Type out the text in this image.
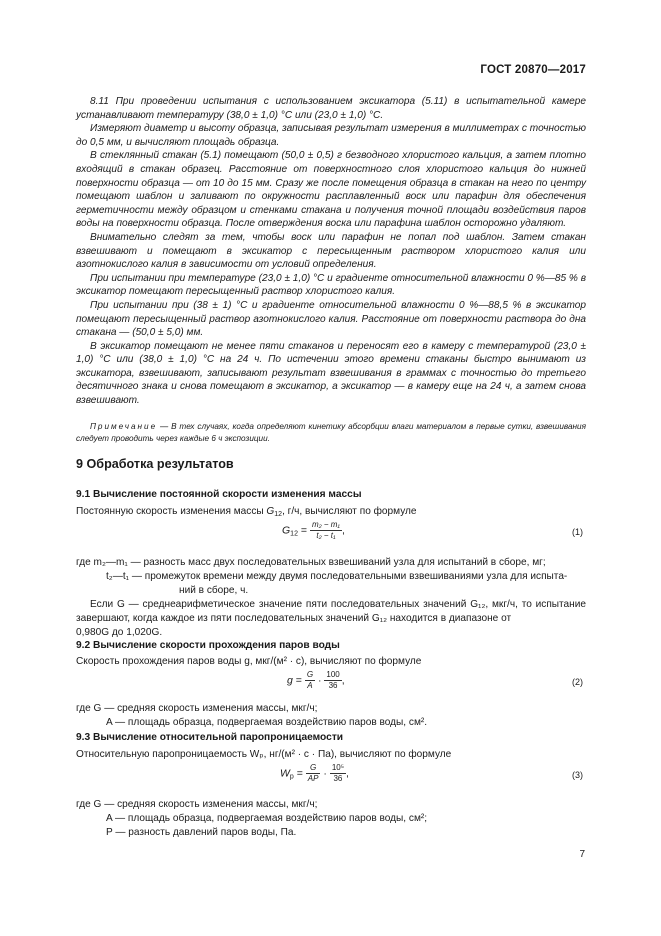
ГОСТ 20870—2017

8.11 При проведении испытания с использованием эксикатора (5.11) в испытательной камере устанавливают температуру (38,0 ± 1,0) °С или (23,0 ± 1,0) °С.

Измеряют диаметр и высоту образца, записывая результат измерения в миллиметрах с точностью до 0,5 мм, и вычисляют площадь образца.

В стеклянный стакан (5.1) помещают (50,0 ± 0,5) г безводного хлористого кальция, а затем плотно входящий в стакан образец. Расстояние от поверхностного слоя хлористого кальция до нижней поверхности образца — от 10 до 15 мм. Сразу же после помещения образца в стакан на него по центру помещают шаблон и заливают по окружности расплавленный воск или парафин для обеспечения герметичности между образцом и стенками стакана и получения точной площади воздействия паров воды на поверхности образца. После отверждения воска или парафина шаблон осторожно удаляют.

Внимательно следят за тем, чтобы воск или парафин не попал под шаблон. Затем стакан взвешивают и помещают в эксикатор с пересыщенным раствором хлористого калия или азотнокислого калия в зависимости от условий определения.

При испытании при температуре (23,0 ± 1,0) °С и градиенте относительной влажности 0 %—85 % в эксикатор помещают пересыщенный раствор хлористого калия.

При испытании при (38 ± 1) °С и градиенте относительной влажности 0 %—88,5 % в эксикатор помещают пересыщенный раствор азотнокислого калия. Расстояние от поверхности раствора до дна стакана — (50,0 ± 5,0) мм.

В эксикатор помещают не менее пяти стаканов и переносят его в камеру с температурой (23,0 ± 1,0) °С или (38,0 ± 1,0) °С на 24 ч. По истечении этого времени стаканы быстро вынимают из эксикатора, взвешивают, записывают результат взвешивания в граммах с точностью до третьего десятичного знака и снова помещают в эксикатор, а эксикатор — в камеру еще на 24 ч, а затем снова взвешивают.

Примечание — В тех случаях, когда определяют кинетику абсорбции влаги материалом в первые сутки, взвешивания следует проводить через каждые 6 ч экспозиции.
9 Обработка результатов
9.1 Вычисление постоянной скорости изменения массы
Постоянную скорость изменения массы $G_{12}$, г/ч, вычисляют по формуле
$G_{12} = \frac{\text{m₂ − m₁}}{\text{t₂ − t₁}}$ ,	(1)
где m₂—m₁ — разность масс двух последовательных взвешиваний узла для испытаний в сборе, мг;
t₂—t₁ — промежуток времени между двумя последовательными взвешиваниями узла для испыта-
ний в сборе, ч.
Если G — среднеарифметическое значение пяти последовательных значений G₁₂, мкг/ч, то испытание завершают, когда каждое из пяти последовательных значений G₁₂ находится в диапазоне от
0,980G до 1,020G.
9.2 Вычисление скорости прохождения паров воды
Скорость прохождения паров воды g, мкг/(м² · с), вычисляют по формуле
$g = \frac{G}{A} \cdot \frac{100}{36}$ ,	(2)
где G — средняя скорость изменения массы, мкг/ч;
A — площадь образца, подвергаемая воздействию паров воды, см².
9.3 Вычисление относительной паропроницаемости
Относительную паропроницаемость Wₚ, нг/(м² · с · Па), вычисляют по формуле
$W_p = \frac{G}{AP} \cdot \frac{\text{10⁵}}{36}$ ,	(3)
где G — средняя скорость изменения массы, мкг/ч;
A — площадь образца, подвергаемая воздействию паров воды, см²;
P — разность давлений паров воды, Па.
7
